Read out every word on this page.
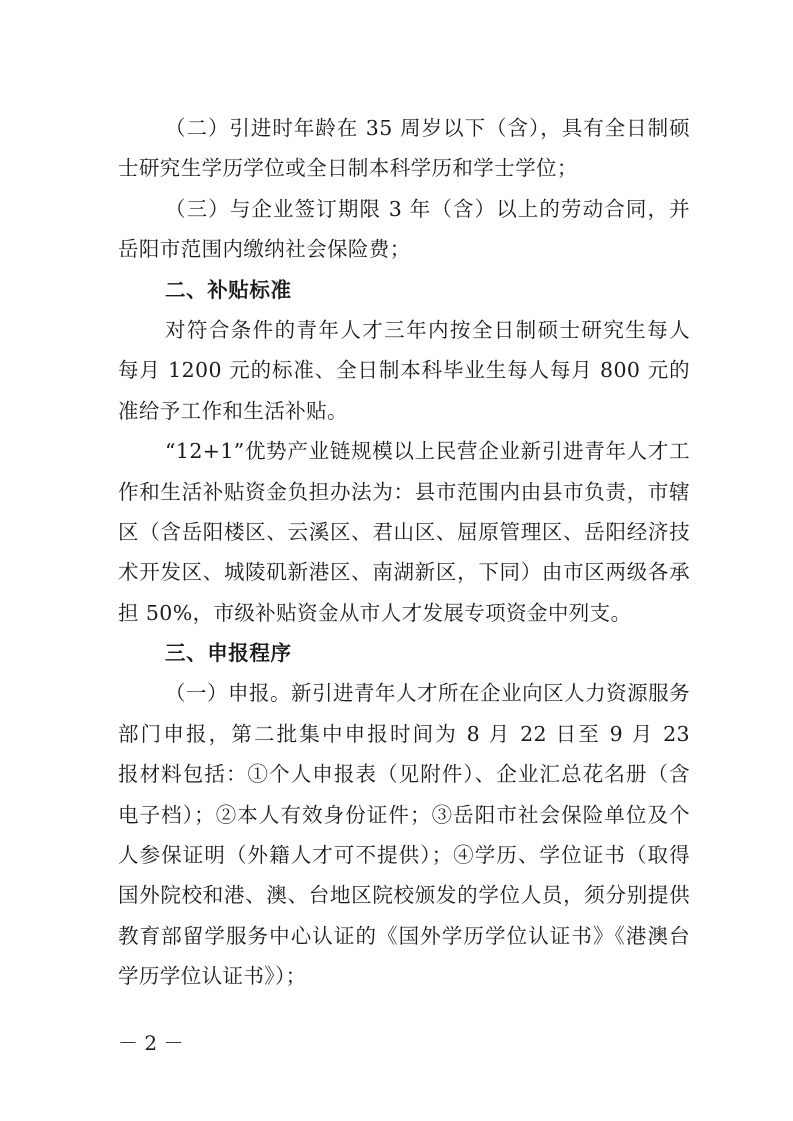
（二）引进时年龄在 35 周岁以下（含），具有全日制硕
士研究生学历学位或全日制本科学历和学士学位；
（三）与企业签订期限 3 年（含）以上的劳动合同，并
岳阳市范围内缴纳社会保险费；
二、补贴标准
对符合条件的青年人才三年内按全日制硕士研究生每人
每月 1200 元的标准、全日制本科毕业生每人每月 800 元的
准给予工作和生活补贴。
“12+1”优势产业链规模以上民营企业新引进青年人才工
作和生活补贴资金负担办法为：县市范围内由县市负责，市辖
区（含岳阳楼区、云溪区、君山区、屈原管理区、岳阳经济技
术开发区、城陵矶新港区、南湖新区，下同）由市区两级各承
担 50%，市级补贴资金从市人才发展专项资金中列支。
三、申报程序
（一）申报。新引进青年人才所在企业向区人力资源服务
部门申报，第二批集中申报时间为 8 月 22 日至 9 月 23
报材料包括：①个人申报表（见附件）、企业汇总花名册（含
电子档）；②本人有效身份证件；③岳阳市社会保险单位及个
人参保证明（外籍人才可不提供）；④学历、学位证书（取得
国外院校和港、澳、台地区院校颁发的学位人员，须分别提供
教育部留学服务中心认证的《国外学历学位认证书》《港澳台
学历学位认证书》）；
－ 2 －
